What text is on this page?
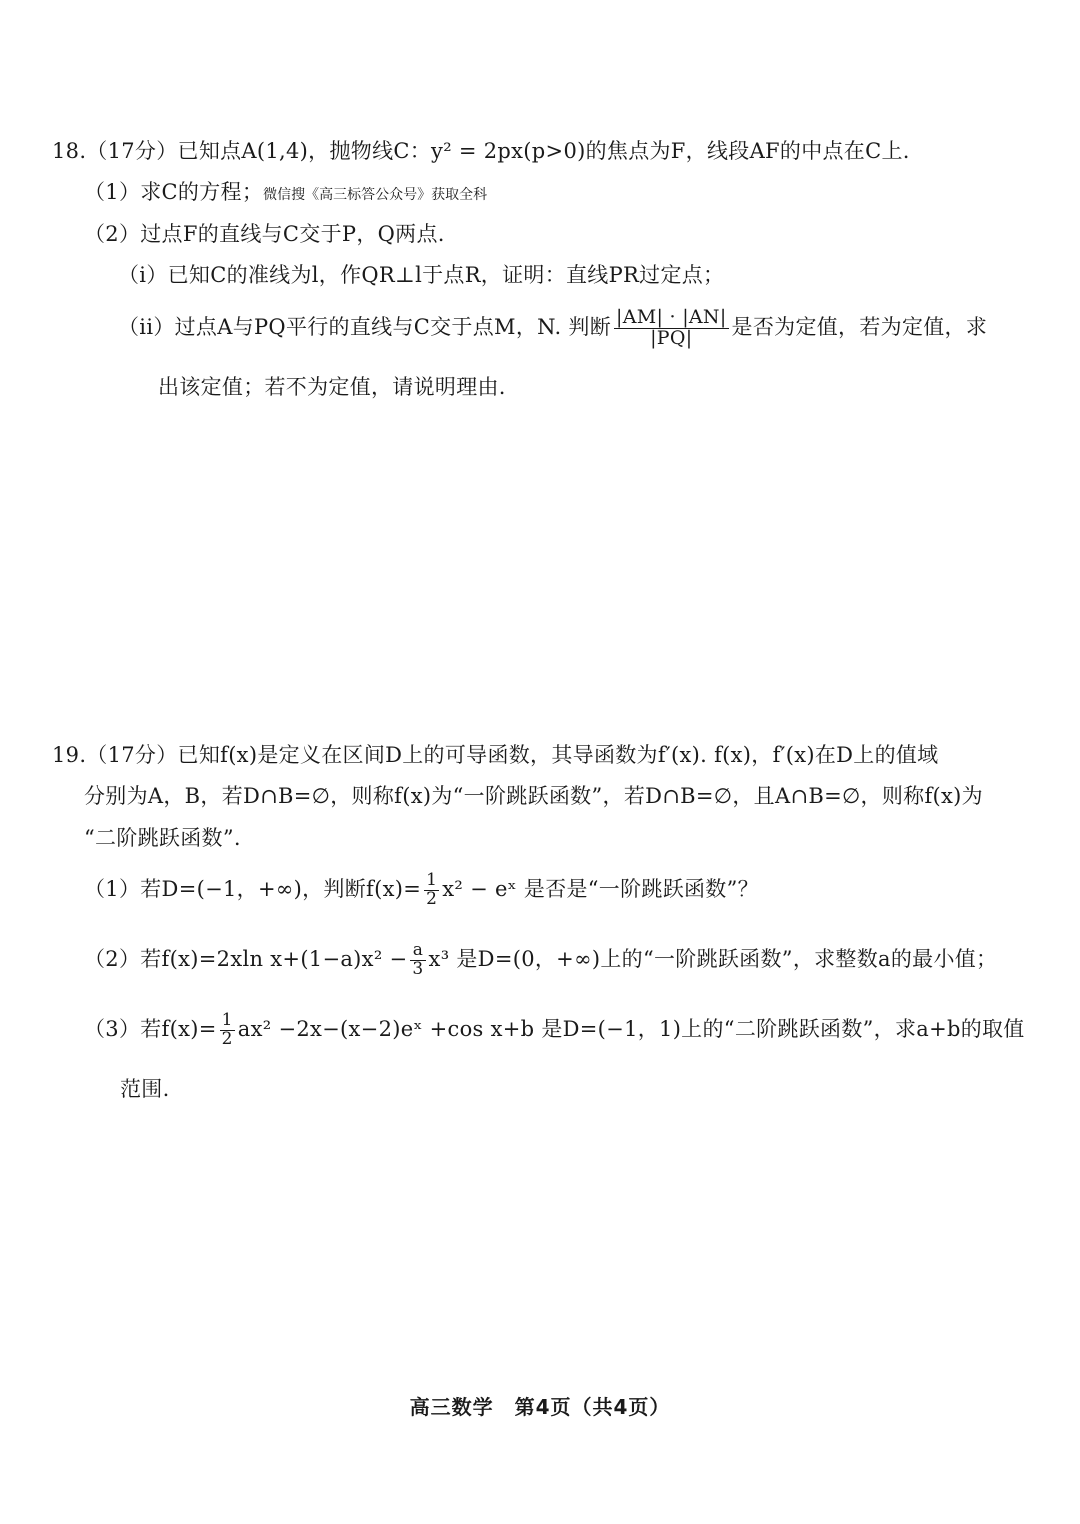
18.（17分）已知点A(1,4)，抛物线C：y² = 2px(p>0)的焦点为F，线段AF的中点在C上.
（1）求C的方程；微信搜《高三标答公众号》获取全科
（2）过点F的直线与C交于P，Q两点.
（i）已知C的准线为l，作QR⊥l于点R，证明：直线PR过定点；
（ii）过点A与PQ平行的直线与C交于点M，N. 判断 $\frac{|AM| \cdot |AN|}{|PQ|}$ 是否为定值，若为定值，求
出该定值；若不为定值，请说明理由.
19.（17分）已知f(x)是定义在区间D上的可导函数，其导函数为f′(x). f(x)，f′(x)在D上的值域
分别为A，B，若D∩B=∅，则称f(x)为“一阶跳跃函数”，若D∩B=∅，且A∩B=∅，则称f(x)为
“二阶跳跃函数”.
（1）若D=(−1，+∞)，判断$f(x)= \frac{1}{2} x^2$ − eˣ 是否是“一阶跳跃函数”？
（2）若f(x)=2xln $x+(1-a)x^2 - \frac{a}{3} x^3$ 是D=(0，+∞)上的“一阶跳跃函数”，求整数a的最小值；
（3）若$f(x)= \frac{1}{2} ax^2$ −2x−(x−2)eˣ +cos x+b 是D=(−1，1)上的“二阶跳跃函数”，求a+b的取值
范围.
高三数学　第4页（共4页）
